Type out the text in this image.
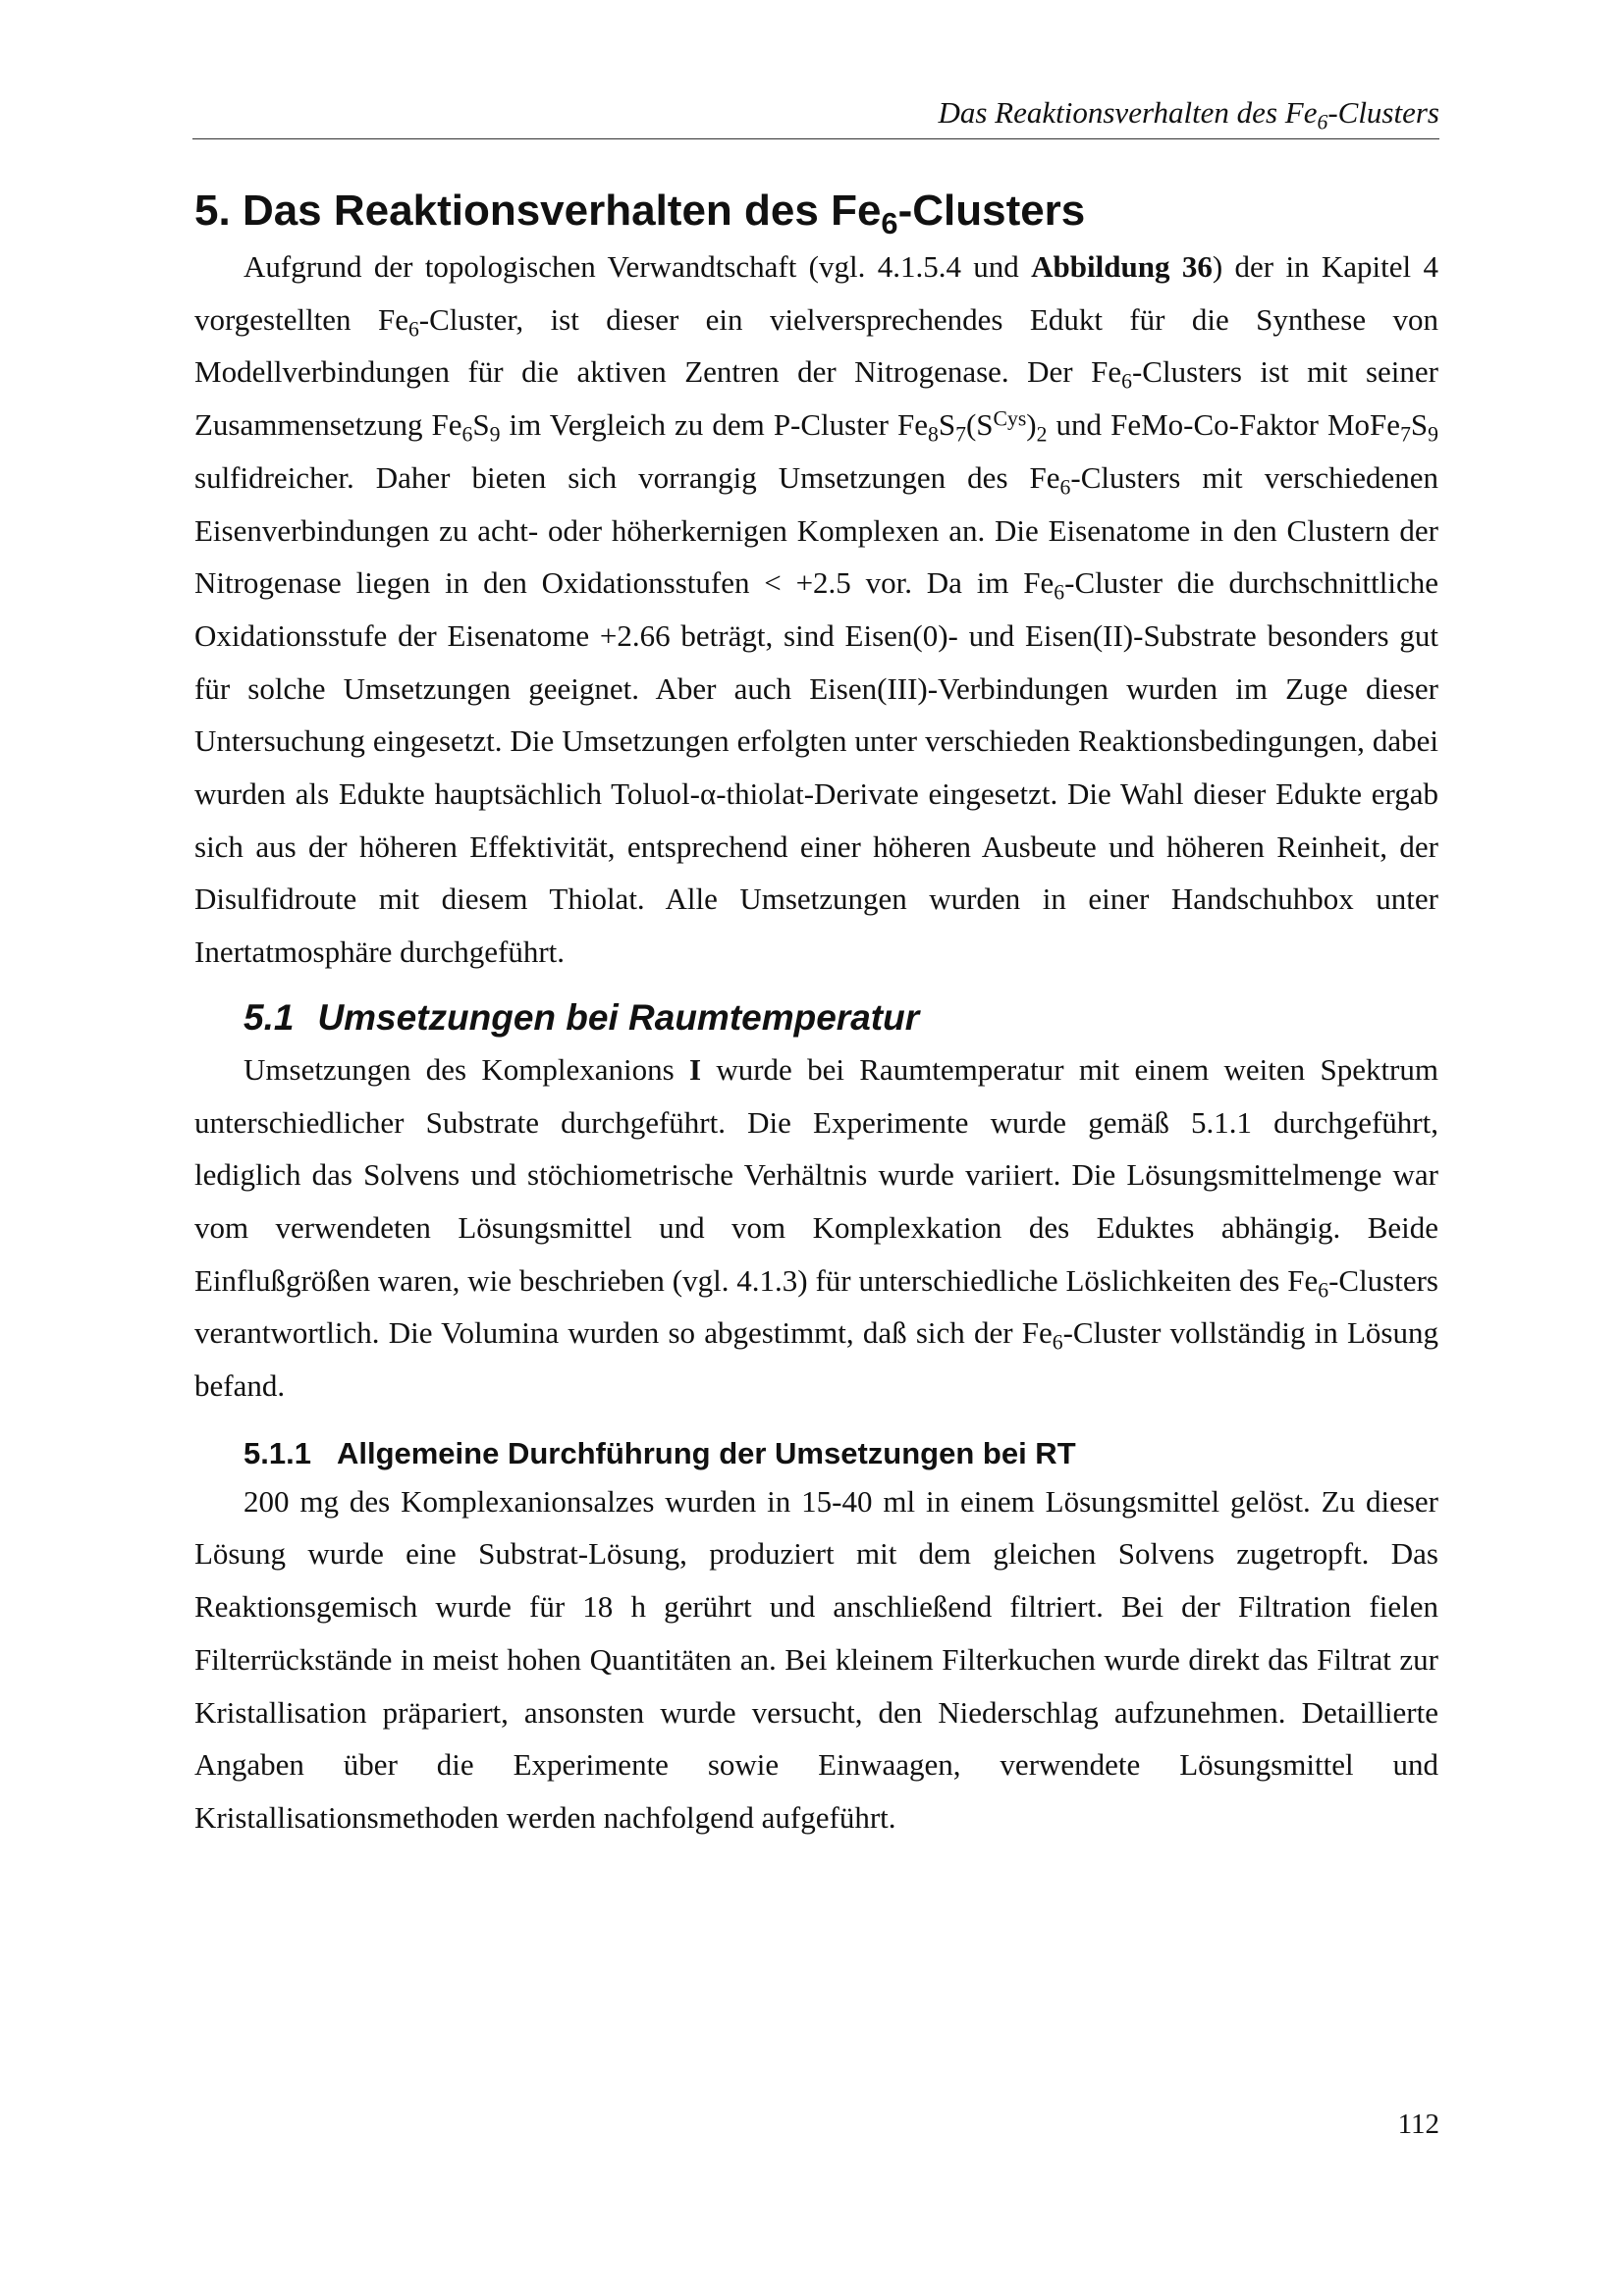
Das Reaktionsverhalten des $Fe_6$-Clusters
5. Das Reaktionsverhalten des $Fe_6$-Clusters

Aufgrund der topologischen Verwandtschaft (vgl. 4.1.5.4 und Abbildung 36) der in Kapitel 4 vorgestellten $Fe_6$-Cluster, ist dieser ein vielversprechendes Edukt für die Synthese von Modellverbindungen für die aktiven Zentren der Nitrogenase. Der $Fe_6$-Clusters ist mit seiner Zusammensetzung $Fe_6S_9$ im Vergleich zu dem P-Cluster $Fe_8S_7(S^{Cys})_2$ und FeMo-Co-Faktor $MoFe_7S_9$ sulfidreicher. Daher bieten sich vorrangig Umsetzungen des $Fe_6$-Clusters mit verschiedenen Eisenverbindungen zu acht- oder höherkernigen Komplexen an. Die Eisenatome in den Clustern der Nitrogenase liegen in den Oxidationsstufen < +2.5 vor. Da im $Fe_6$-Cluster die durchschnittliche Oxidationsstufe der Eisenatome +2.66 beträgt, sind Eisen(0)- und Eisen(II)-Substrate besonders gut für solche Umsetzungen geeignet. Aber auch Eisen(III)-Verbindungen wurden im Zuge dieser Untersuchung eingesetzt. Die Umsetzungen erfolgten unter verschieden Reaktionsbedingungen, dabei wurden als Edukte hauptsächlich Toluol-α-thiolat-Derivate eingesetzt. Die Wahl dieser Edukte ergab sich aus der höheren Effektivität, entsprechend einer höheren Ausbeute und höheren Reinheit, der Disulfidroute mit diesem Thiolat. Alle Umsetzungen wurden in einer Handschuhbox unter Inertatmosphäre durchgeführt.

5.1 Umsetzungen bei Raumtemperatur

Umsetzungen des Komplexanions I wurde bei Raumtemperatur mit einem weiten Spektrum unterschiedlicher Substrate durchgeführt. Die Experimente wurde gemäß 5.1.1 durchgeführt, lediglich das Solvens und stöchiometrische Verhältnis wurde variiert. Die Lösungsmittelmenge war vom verwendeten Lösungsmittel und vom Komplexkation des Eduktes abhängig. Beide Einflußgrößen waren, wie beschrieben (vgl. 4.1.3) für unterschiedliche Löslichkeiten des $Fe_6$-Clusters verantwortlich. Die Volumina wurden so abgestimmt, daß sich der $Fe_6$-Cluster vollständig in Lösung befand.

5.1.1 Allgemeine Durchführung der Umsetzungen bei RT

200 mg des Komplexanionsalzes wurden in 15-40 ml in einem Lösungsmittel gelöst. Zu dieser Lösung wurde eine Substrat-Lösung, produziert mit dem gleichen Solvens zugetropft. Das Reaktionsgemisch wurde für 18 h gerührt und anschließend filtriert. Bei der Filtration fielen Filterrückstände in meist hohen Quantitäten an. Bei kleinem Filterkuchen wurde direkt das Filtrat zur Kristallisation präpariert, ansonsten wurde versucht, den Niederschlag aufzunehmen. Detaillierte Angaben über die Experimente sowie Einwaagen, verwendete Lösungsmittel und Kristallisationsmethoden werden nachfolgend aufgeführt.

112
